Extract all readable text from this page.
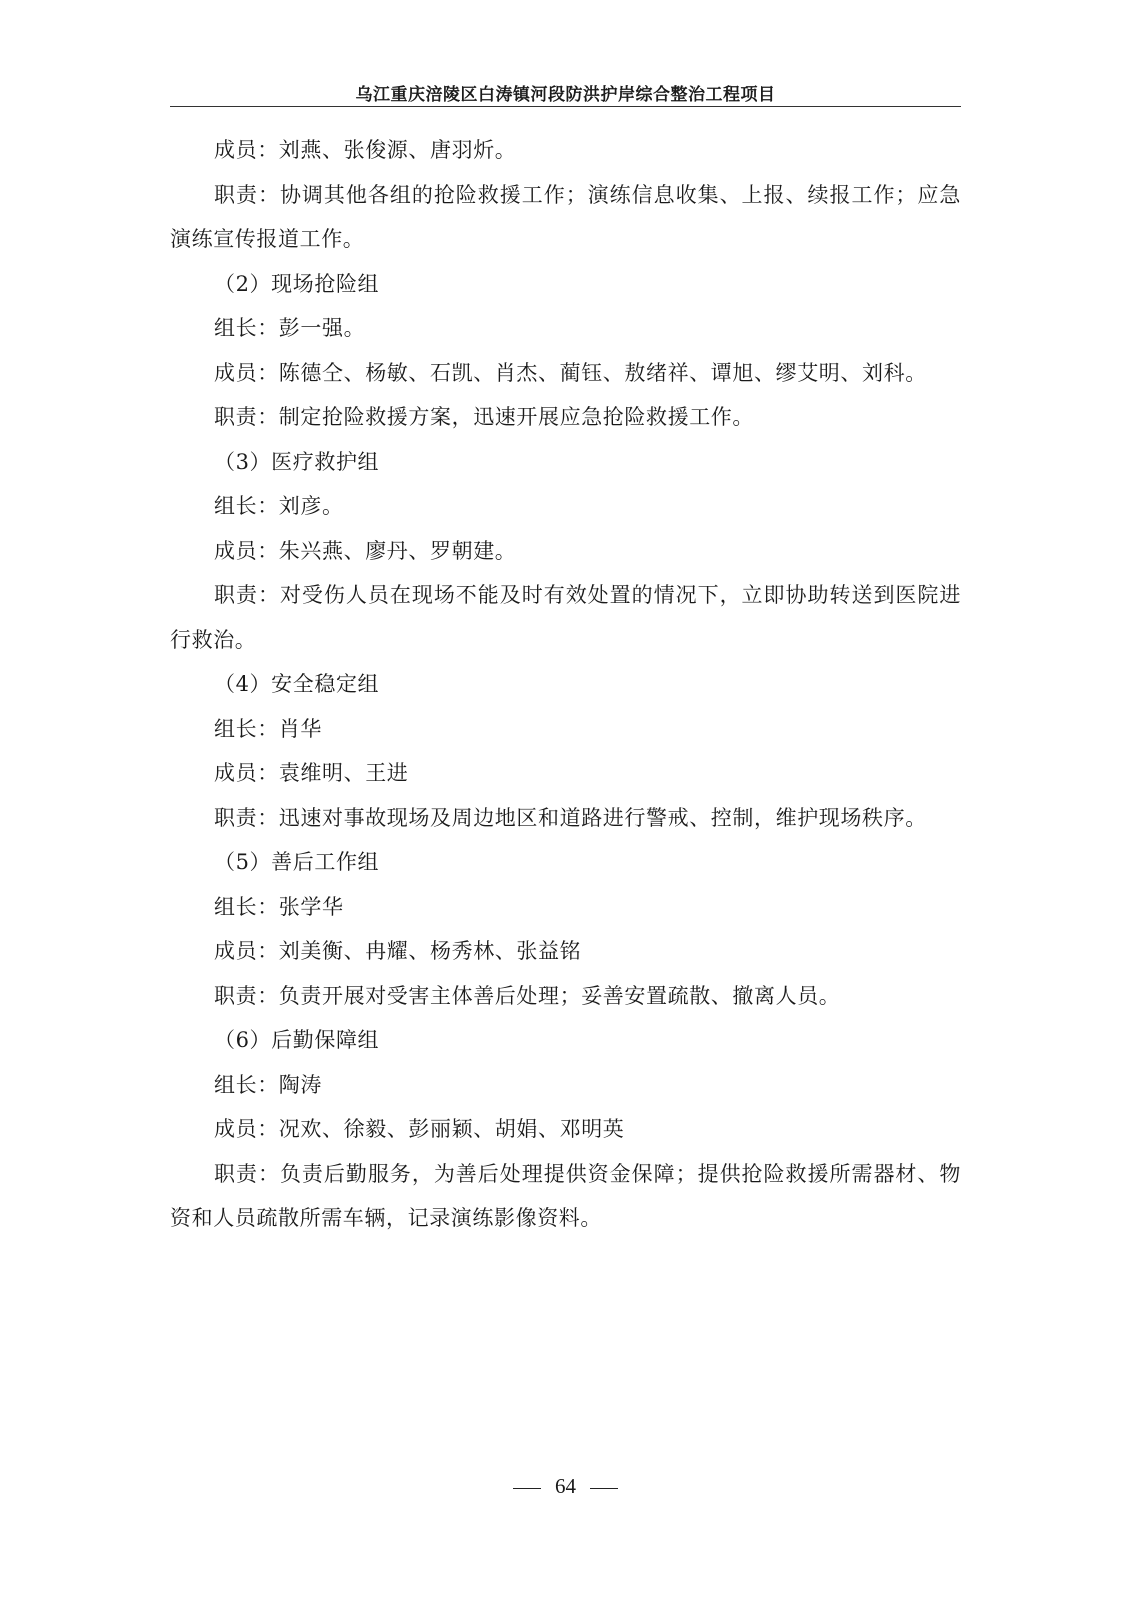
乌江重庆涪陵区白涛镇河段防洪护岸综合整治工程项目

成员：刘燕、张俊源、唐羽炘。

职责：协调其他各组的抢险救援工作；演练信息收集、上报、续报工作；应急演练宣传报道工作。

（2）现场抢险组

组长：彭一强。

成员：陈德仝、杨敏、石凯、肖杰、蔺钰、敖绪祥、谭旭、缪艾明、刘科。

职责：制定抢险救援方案，迅速开展应急抢险救援工作。

（3）医疗救护组

组长：刘彦。

成员：朱兴燕、廖丹、罗朝建。

职责：对受伤人员在现场不能及时有效处置的情况下，立即协助转送到医院进行救治。

（4）安全稳定组

组长：肖华

成员：袁维明、王进

职责：迅速对事故现场及周边地区和道路进行警戒、控制，维护现场秩序。

（5）善后工作组

组长：张学华

成员：刘美衡、冉耀、杨秀林、张益铭

职责：负责开展对受害主体善后处理；妥善安置疏散、撤离人员。

（6）后勤保障组

组长：陶涛

成员：况欢、徐毅、彭丽颖、胡娟、邓明英

职责：负责后勤服务，为善后处理提供资金保障；提供抢险救援所需器材、物资和人员疏散所需车辆，记录演练影像资料。

64
